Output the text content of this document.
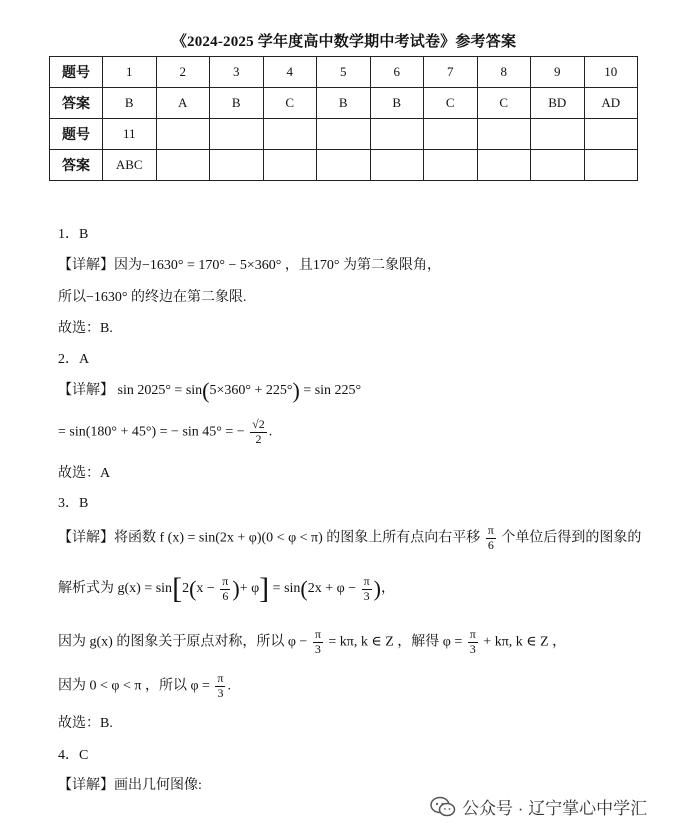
《2024-2025 学年度高中数学期中考试卷》参考答案
题号	1	2	3	4	5	6	7	8	9	10
答案	B	A	B	C	B	B	C	C	BD	AD
题号	11									
答案	ABC									
1．B
【详解】因为−1630° = 170° − 5×360° ，且170° 为第二象限角，
所以−1630° 的终边在第二象限.
故选：B.
2．A
【详解】 sin 2025° = sin(5×360° + 225°) = sin 225°
= sin(180° + 45°) = − sin 45° = − $\frac{√2}{2}$ .
故选：A
3．B
【详解】将函数 f (x) = sin(2x + φ)(0 < φ < π) 的图象上所有点向右平移 $\frac{\pi}{6}$ 个单位后得到的图象的
解析式为 $g(x) = \sin[2(x - \frac{\pi}{6}$ )+ $\varphi] = \sin(2x + \varphi - \frac{\pi}{3}$ )，
因为 g(x) 的图象关于原点对称，所以 $\varphi - \frac{\pi}{3} = k\pi$, k ∈ Z ，解得 $\varphi = \frac{\pi}{3} + k\pi$, k ∈ Z ，
因为 0 < φ < π ，所以 $\varphi = \frac{\pi}{3}$ .
故选：B.
4．C
【详解】画出几何图像:
公众号 · 辽宁掌心中学汇
